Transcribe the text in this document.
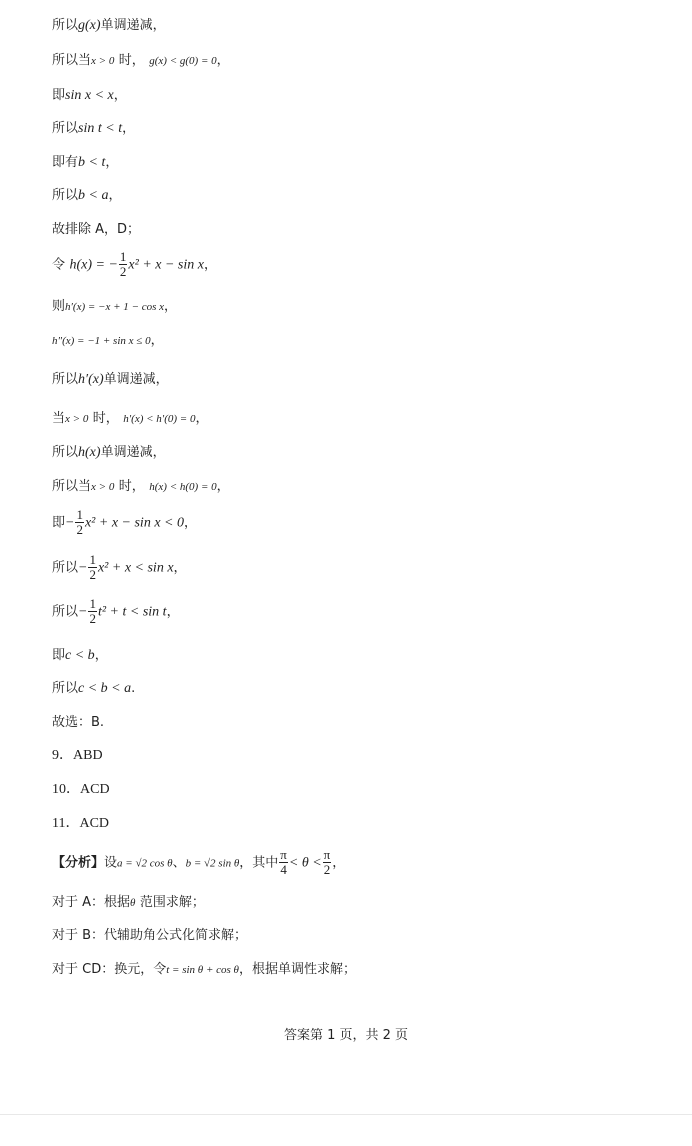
所以g(x)单调递减，
所以当x > 0 时， g(x) < g(0) = 0，
即sin x < x，
所以sin t < t，
即有b < t，
所以b < a，
故排除 A，D；
令 h(x) = − $\frac{1}{2} x^2 + x - \sin x$，
则h′(x) = −x + 1 − cos x，
h″(x) = −1 + sin x ≤ 0，
所以h′(x)单调递减，
当x > 0 时， h′(x) < h′(0) = 0，
所以h(x)单调递减，
所以当x > 0 时， h(x) < h(0) = 0，
即− $\frac{1}{2} x^2 + x - \sin x < 0$，
所以− $\frac{1}{2} x^2 + x < \sin x$，
所以− $\frac{1}{2} t^2 + t < \sin t$，
即c < b，
所以c < b < a.
故选：B.
9．ABD
10．ACD
11．ACD
【分析】设a = √2 cos θ、b = √2 sin θ，其中 $\frac{\pi}{4} < \theta < \frac{\pi}{2}$ ，
对于 A：根据θ 范围求解；
对于 B：代辅助角公式化简求解；
对于 CD：换元，令t = sin θ + cos θ，根据单调性求解；
答案第 1 页，共 2 页
